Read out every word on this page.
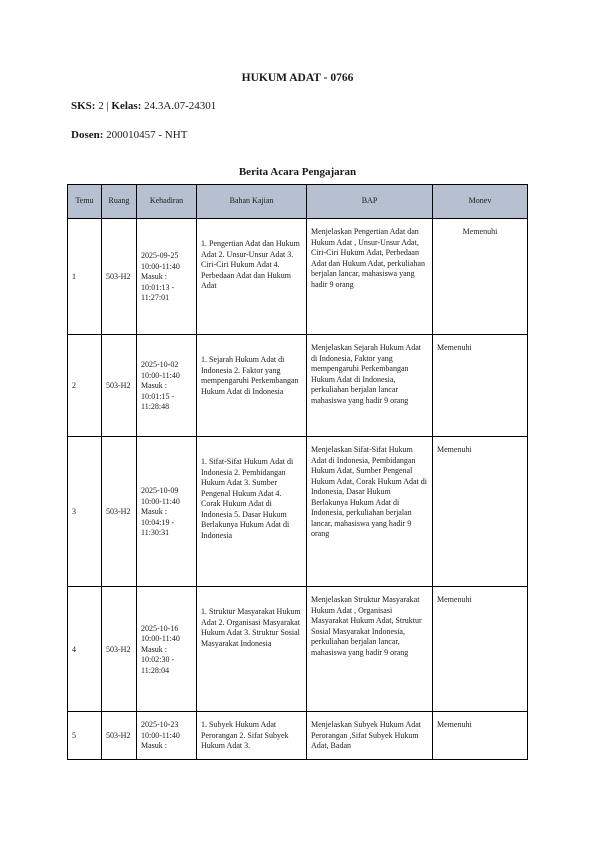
HUKUM ADAT - 0766
SKS: 2 | Kelas: 24.3A.07-24301
Dosen: 200010457 - NHT
Berita Acara Pengajaran
Temu	Ruang	Kehadiran	Bahan Kajian	BAP	Monev
1	503-H2	2025-09-25 10:00-11:40 Masuk : 10:01:13 - 11:27:01	1. Pengertian Adat dan Hukum Adat 2. Unsur-Unsur Adat 3. Ciri-Ciri Hukum Adat 4. Perbedaan Adat dan Hukum Adat	Menjelaskan Pengertian Adat dan Hukum Adat , Unsur-Unsur Adat, Ciri-Ciri Hukum Adat, Perbedaan Adat dan Hukum Adat, perkuliahan berjalan lancar, mahasiswa yang hadir 9 orang	Memenuhi
2	503-H2	2025-10-02 10:00-11:40 Masuk : 10:01:15 - 11:28:48	1. Sejarah Hukum Adat di Indonesia 2. Faktor yang mempengaruhi Perkembangan Hukum Adat di Indonesia	Menjelaskan Sejarah Hukum Adat di Indonesia, Faktor yang mempengaruhi Perkembangan Hukum Adat di Indonesia, perkuliahan berjalan lancar mahasiswa yang hadir 9 orang	Memenuhi
3	503-H2	2025-10-09 10:00-11:40 Masuk : 10:04:19 - 11:30:31	1. Sifat-Sifat Hukum Adat di Indonesia 2. Pembidangan Hukum Adat 3. Sumber Pengenal Hukum Adat 4. Corak Hukum Adat di Indonesia 5. Dasar Hukum Berlakunya Hukum Adat di Indonesia	Menjelaskan Sifat-Sifat Hukum Adat di Indonesia, Pembidangan Hukum Adat, Sumber Pengenal Hukum Adat, Corak Hukum Adat di Indonesia, Dasar Hukum Berlakunya Hukum Adat di Indonesia, perkuliahan berjalan lancar, mahasiswa yang hadir 9 orang	Memenuhi
4	503-H2	2025-10-16 10:00-11:40 Masuk : 10:02:30 - 11:28:04	1. Struktur Masyarakat Hukum Adat 2. Organisasi Masyarakat Hukum Adat 3. Struktur Sosial Masyarakat Indonesia	Menjelaskan Struktur Masyarakat Hukum Adat , Organisasi Masyarakat Hukum Adat, Struktur Sosial Masyarakat Indonesia, perkuliahan berjalan lancar, mahasiswa yang hadir 9 orang	Memenuhi
5	503-H2	2025-10-23 10:00-11:40 Masuk :	1. Subyek Hukum Adat Perorangan 2. Sifat Subyek Hukum Adat 3.	Menjelaskan Subyek Hukum Adat Perorangan ,Sifat Subyek Hukum Adat, Badan	Memenuhi
